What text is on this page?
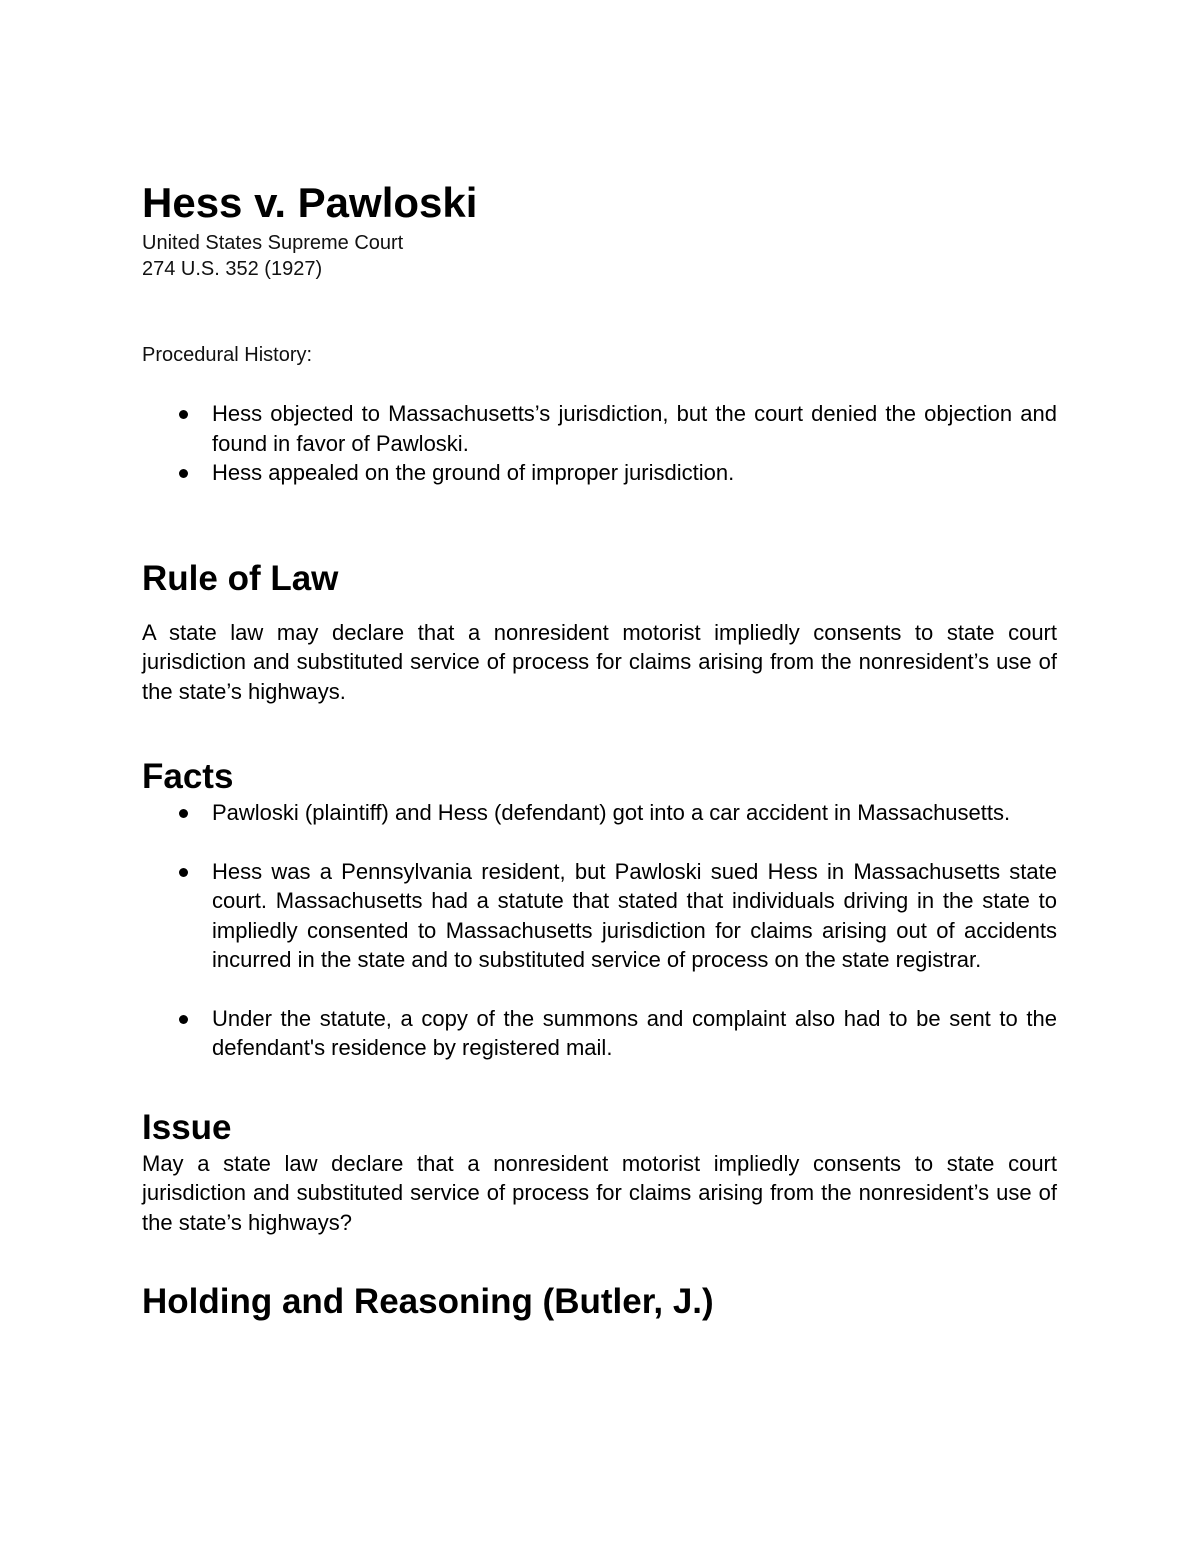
Hess v. Pawloski

United States Supreme Court

274 U.S. 352 (1927)

Procedural History:

Hess objected to Massachusetts’s jurisdiction, but the court denied the objection and found in favor of Pawloski.
Hess appealed on the ground of improper jurisdiction.
Rule of Law

A state law may declare that a nonresident motorist impliedly consents to state court jurisdiction and substituted service of process for claims arising from the nonresident’s use of the state’s highways.

Facts
Pawloski (plaintiff) and Hess (defendant) got into a car accident in Massachusetts.
Hess was a Pennsylvania resident, but Pawloski sued Hess in Massachusetts state court. Massachusetts had a statute that stated that individuals driving in the state to impliedly consented to Massachusetts jurisdiction for claims arising out of accidents incurred in the state and to substituted service of process on the state registrar.
Under the statute, a copy of the summons and complaint also had to be sent to the defendant's residence by registered mail.
Issue

May a state law declare that a nonresident motorist impliedly consents to state court jurisdiction and substituted service of process for claims arising from the nonresident’s use of the state’s highways?

Holding and Reasoning (Butler, J.)
